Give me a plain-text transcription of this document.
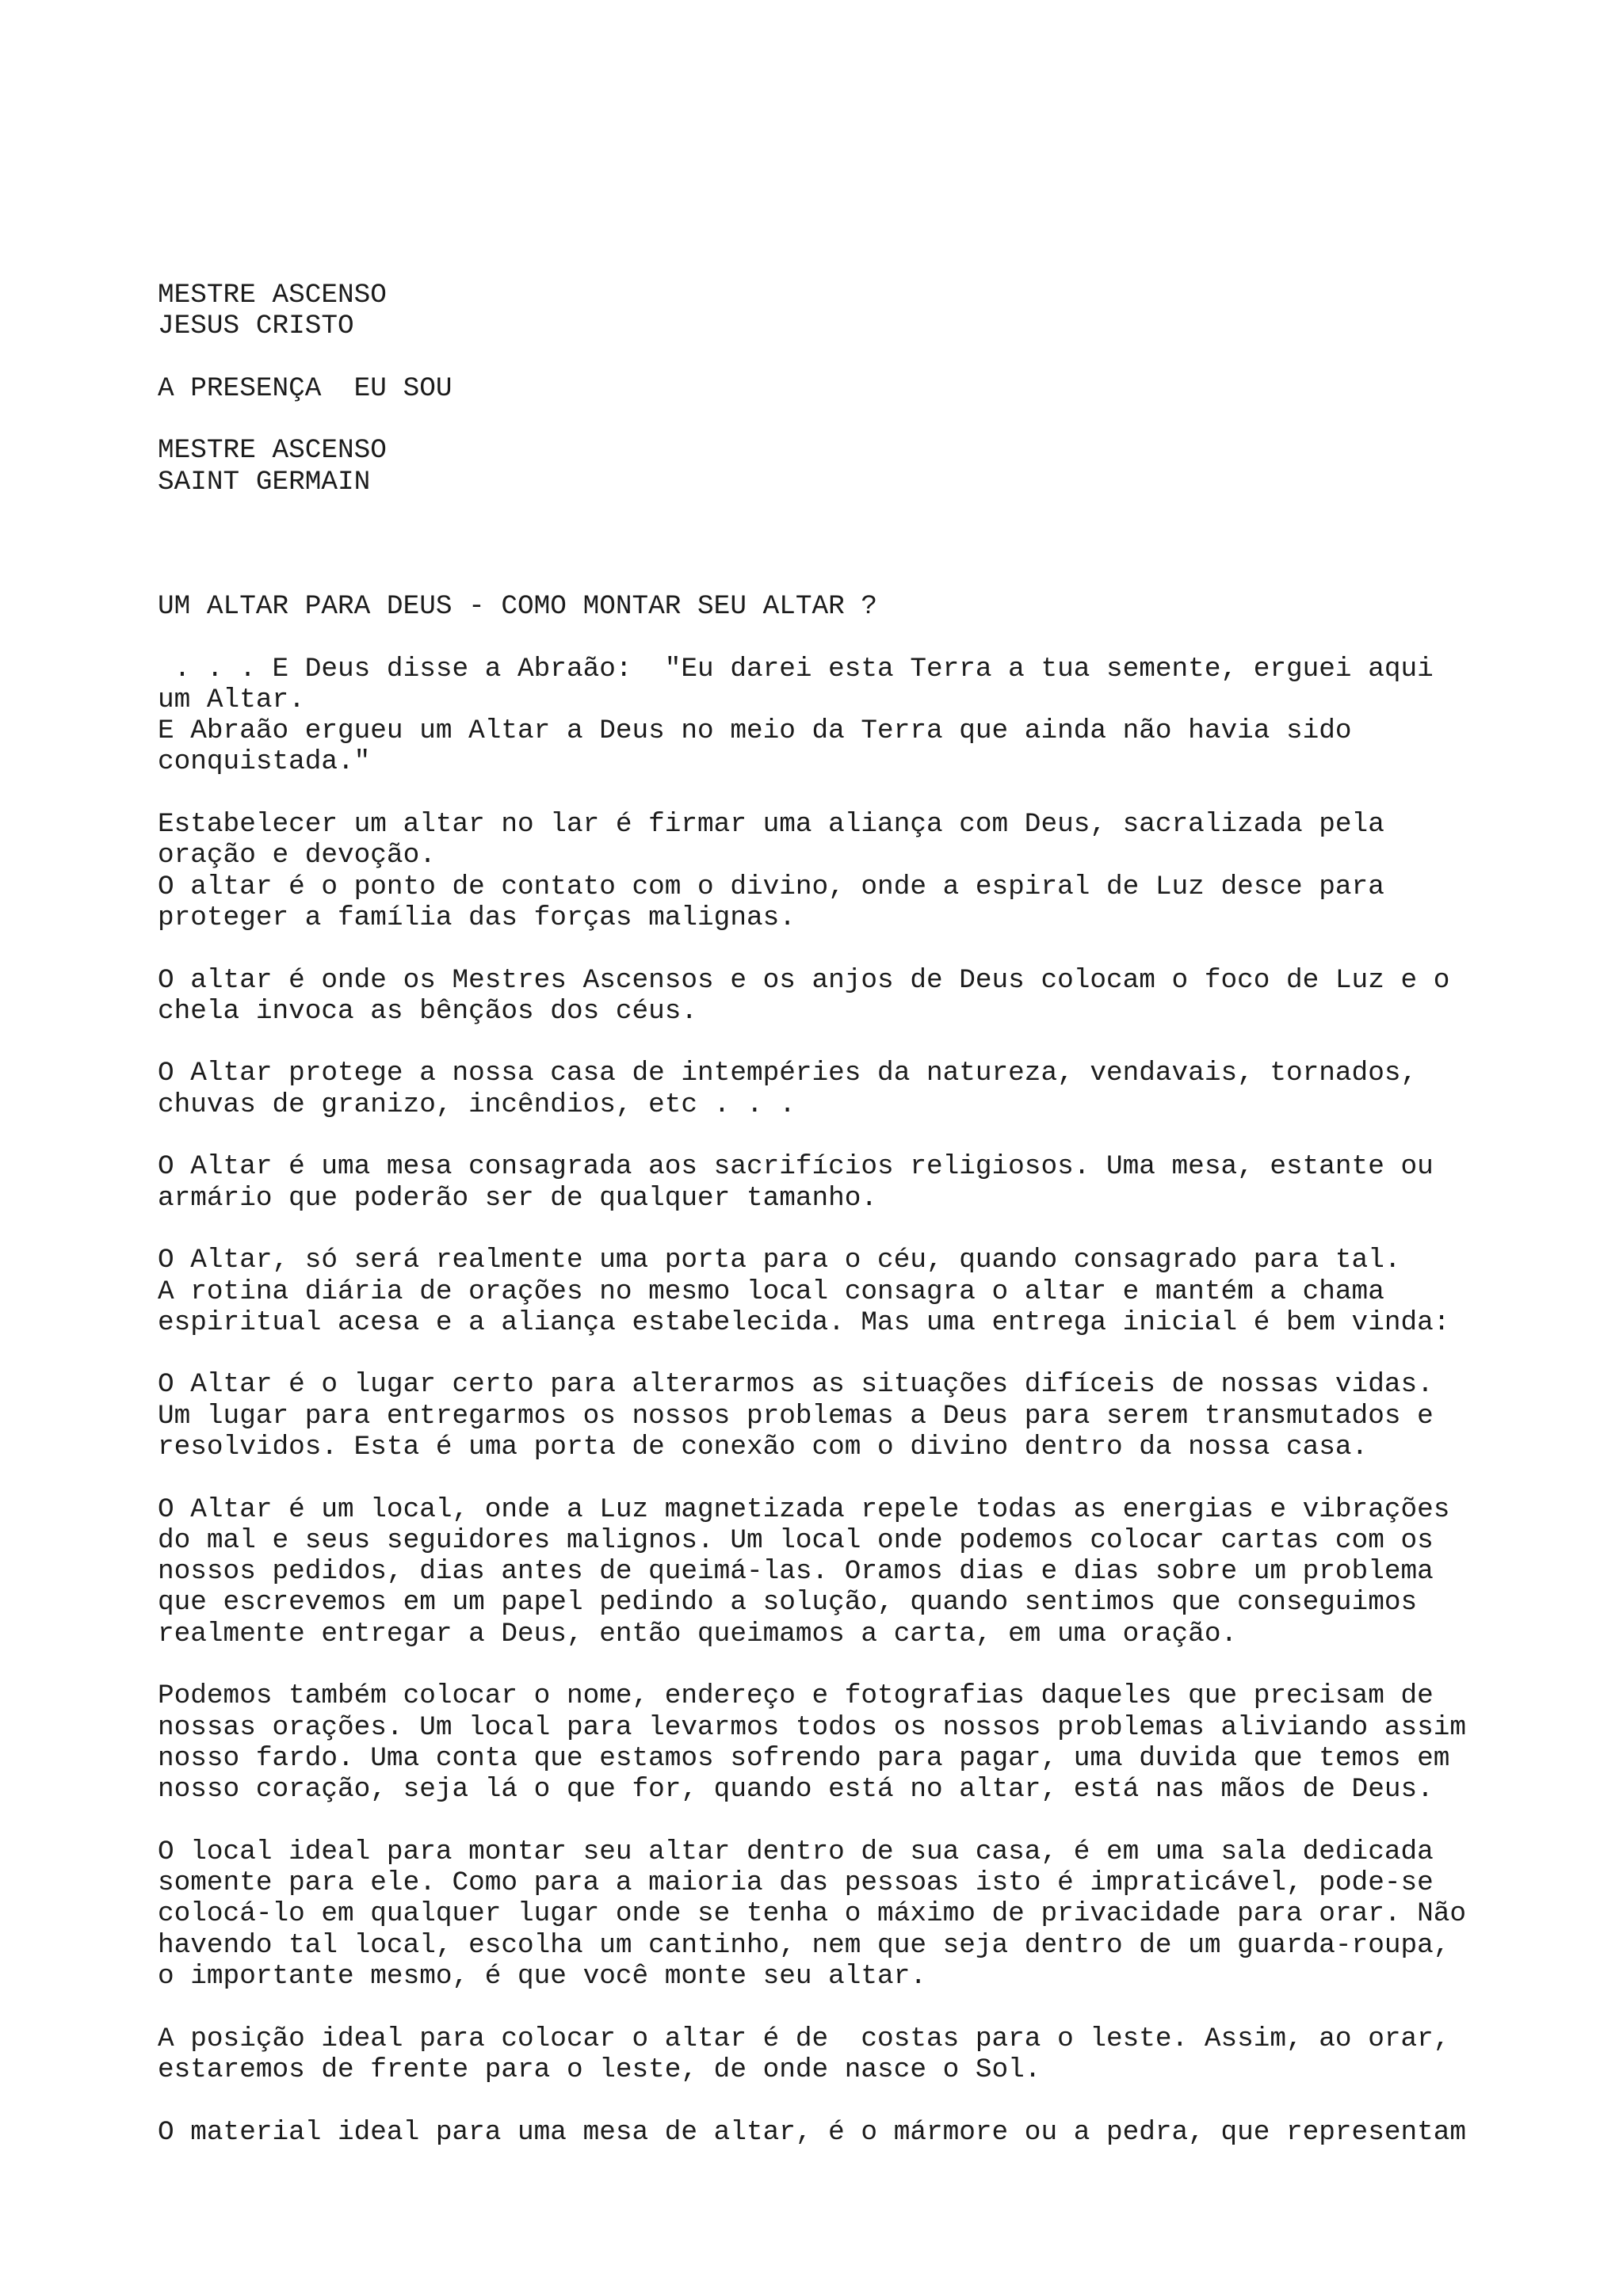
MESTRE ASCENSO
JESUS CRISTO
A PRESENÇA  EU SOU
MESTRE ASCENSO
SAINT GERMAIN
UM ALTAR PARA DEUS - COMO MONTAR SEU ALTAR ?
. . . E Deus disse a Abraão:  "Eu darei esta Terra a tua semente, erguei aqui
um Altar.
E Abraão ergueu um Altar a Deus no meio da Terra que ainda não havia sido
conquistada."
Estabelecer um altar no lar é firmar uma aliança com Deus, sacralizada pela
oração e devoção.
O altar é o ponto de contato com o divino, onde a espiral de Luz desce para
proteger a família das forças malignas.
O altar é onde os Mestres Ascensos e os anjos de Deus colocam o foco de Luz e o
chela invoca as bênçãos dos céus.
O Altar protege a nossa casa de intempéries da natureza, vendavais, tornados,
chuvas de granizo, incêndios, etc . . .
O Altar é uma mesa consagrada aos sacrifícios religiosos. Uma mesa, estante ou
armário que poderão ser de qualquer tamanho.
O Altar, só será realmente uma porta para o céu, quando consagrado para tal.
A rotina diária de orações no mesmo local consagra o altar e mantém a chama
espiritual acesa e a aliança estabelecida. Mas uma entrega inicial é bem vinda:
O Altar é o lugar certo para alterarmos as situações difíceis de nossas vidas.
Um lugar para entregarmos os nossos problemas a Deus para serem transmutados e
resolvidos. Esta é uma porta de conexão com o divino dentro da nossa casa.
O Altar é um local, onde a Luz magnetizada repele todas as energias e vibrações
do mal e seus seguidores malignos. Um local onde podemos colocar cartas com os
nossos pedidos, dias antes de queimá-las. Oramos dias e dias sobre um problema
que escrevemos em um papel pedindo a solução, quando sentimos que conseguimos
realmente entregar a Deus, então queimamos a carta, em uma oração.
Podemos também colocar o nome, endereço e fotografias daqueles que precisam de
nossas orações. Um local para levarmos todos os nossos problemas aliviando assim
nosso fardo. Uma conta que estamos sofrendo para pagar, uma duvida que temos em
nosso coração, seja lá o que for, quando está no altar, está nas mãos de Deus.
O local ideal para montar seu altar dentro de sua casa, é em uma sala dedicada
somente para ele. Como para a maioria das pessoas isto é impraticável, pode-se
colocá-lo em qualquer lugar onde se tenha o máximo de privacidade para orar. Não
havendo tal local, escolha um cantinho, nem que seja dentro de um guarda-roupa,
o importante mesmo, é que você monte seu altar.
A posição ideal para colocar o altar é de  costas para o leste. Assim, ao orar,
estaremos de frente para o leste, de onde nasce o Sol.
O material ideal para uma mesa de altar, é o mármore ou a pedra, que representam
